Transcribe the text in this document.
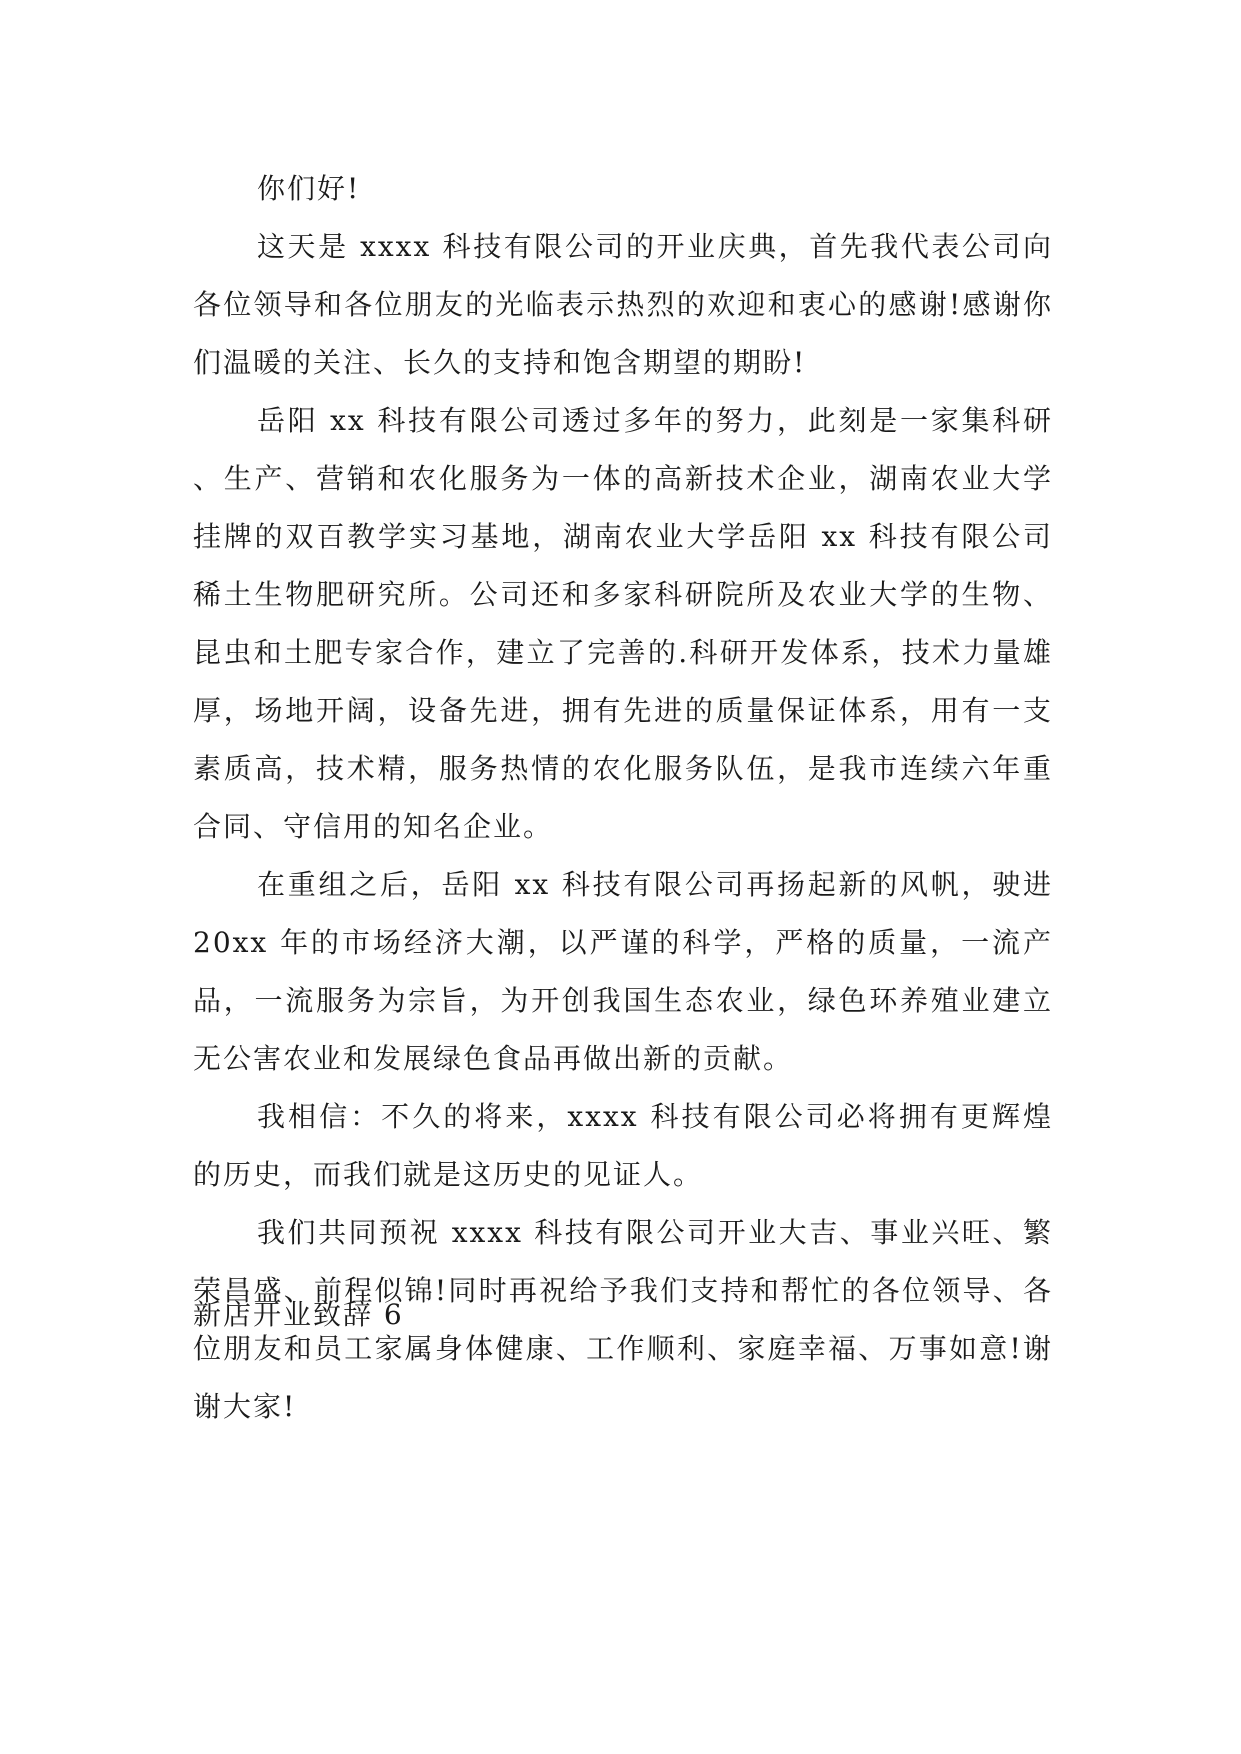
你们好!

这天是 xxxx 科技有限公司的开业庆典，首先我代表公司向各位领导和各位朋友的光临表示热烈的欢迎和衷心的感谢!感谢你们温暖的关注、长久的支持和饱含期望的期盼!

岳阳 xx 科技有限公司透过多年的努力，此刻是一家集科研、生产、营销和农化服务为一体的高新技术企业，湖南农业大学挂牌的双百教学实习基地，湖南农业大学岳阳 xx 科技有限公司稀土生物肥研究所。公司还和多家科研院所及农业大学的生物、昆虫和土肥专家合作，建立了完善的.科研开发体系，技术力量雄厚，场地开阔，设备先进，拥有先进的质量保证体系，用有一支素质高，技术精，服务热情的农化服务队伍，是我市连续六年重合同、守信用的知名企业。

在重组之后，岳阳 xx 科技有限公司再扬起新的风帆，驶进 20xx 年的市场经济大潮，以严谨的科学，严格的质量，一流产品，一流服务为宗旨，为开创我国生态农业，绿色环养殖业建立无公害农业和发展绿色食品再做出新的贡献。

我相信：不久的将来，xxxx 科技有限公司必将拥有更辉煌的历史，而我们就是这历史的见证人。

我们共同预祝 xxxx 科技有限公司开业大吉、事业兴旺、繁荣昌盛、前程似锦!同时再祝给予我们支持和帮忙的各位领导、各位朋友和员工家属身体健康、工作顺利、家庭幸福、万事如意!谢谢大家!

新店开业致辞 6
